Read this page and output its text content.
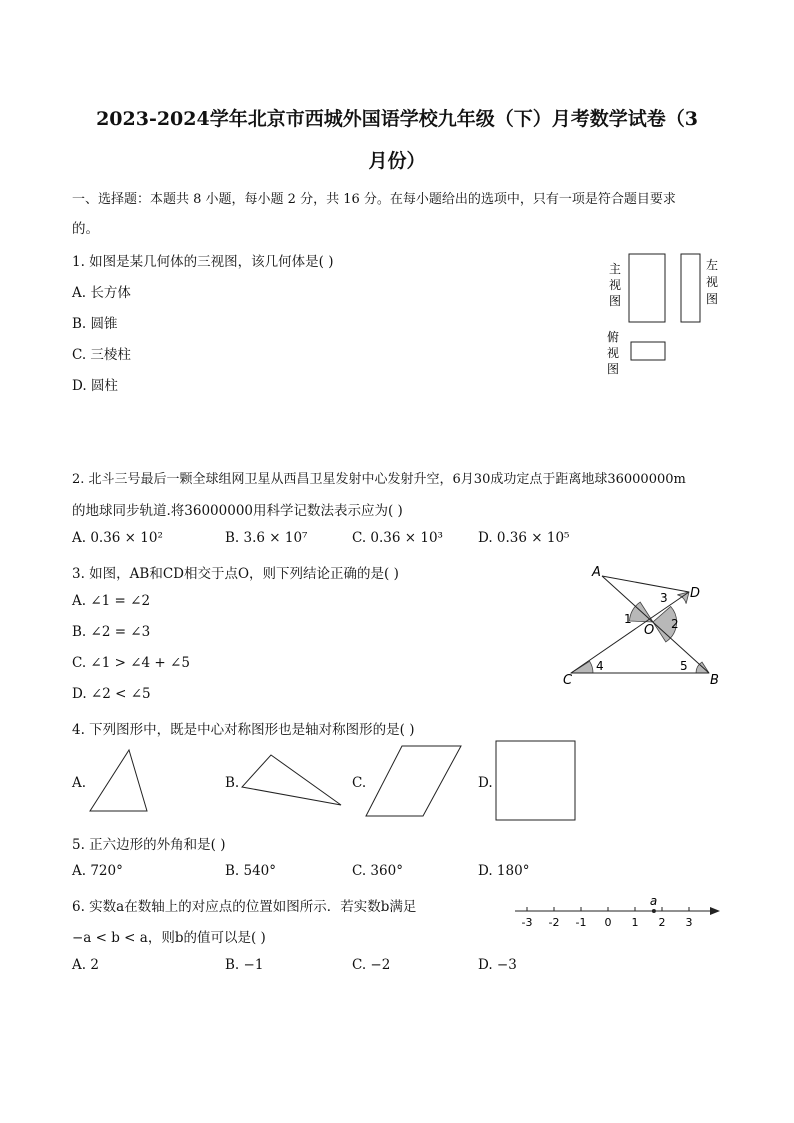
2023-2024学年北京市西城外国语学校九年级（下）月考数学试卷（3
月份）
一、选择题：本题共 8 小题，每小题 2 分，共 16 分。在每小题给出的选项中，只有一项是符合题目要求
的。
1. 如图是某几何体的三视图，该几何体是( )
A. 长方体
B. 圆锥
C. 三棱柱
D. 圆柱
主
视
图
左
视
图
俯
视
图
2. 北斗三号最后一颗全球组网卫星从西昌卫星发射中心发射升空，6月30成功定点于距离地球36000000m
的地球同步轨道.将36000000用科学记数法表示应为( )
A. 0.36 × 10²	B. 3.6 × 10⁷	C. 0.36 × 10³	D. 0.36 × 10⁵
3. 如图，AB和CD相交于点O，则下列结论正确的是( )
A. ∠1 = ∠2
B. ∠2 = ∠3
C. ∠1 > ∠4 + ∠5
D. ∠2 < ∠5
A
D
C	B
O
1	2
3
4	5
4. 下列图形中，既是中心对称图形也是轴对称图形的是( )
A.	B.	C.	D.
5. 正六边形的外角和是( )
A. 720°	B. 540°	C. 360°	D. 180°
6. 实数a在数轴上的对应点的位置如图所示．若实数b满足
−a < b < a，则b的值可以是( )
A. 2	B. −1	C. −2	D. −3
-3 -2 -1 0 1 2 3
a
